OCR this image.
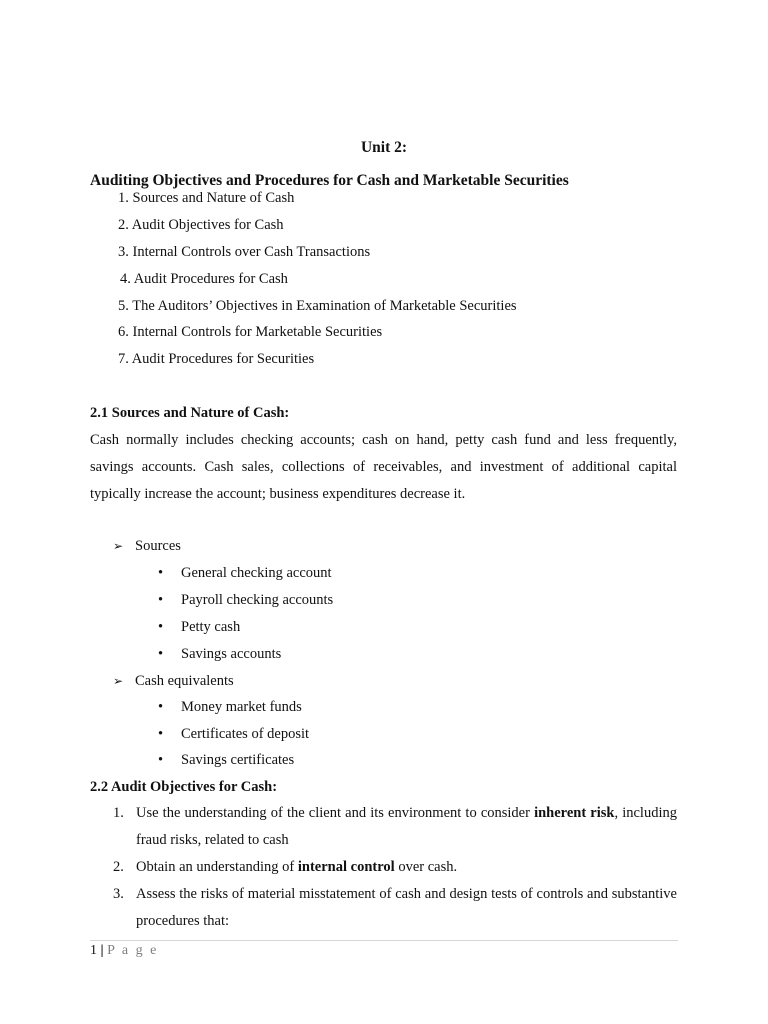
Unit 2:
Auditing Objectives and Procedures for Cash and Marketable Securities
1. Sources and Nature of Cash
2. Audit Objectives for Cash
3. Internal Controls over Cash Transactions
4. Audit Procedures for Cash
5. The Auditors’ Objectives in Examination of Marketable Securities
6. Internal Controls for Marketable Securities
7. Audit Procedures for Securities
2.1 Sources and Nature of Cash:
Cash normally includes checking accounts; cash on hand, petty cash fund and less frequently, savings accounts. Cash sales, collections of receivables, and investment of additional capital typically increase the account; business expenditures decrease it.
➢ Sources
• General checking account
• Payroll checking accounts
• Petty cash
• Savings accounts
➢ Cash equivalents
• Money market funds
• Certificates of deposit
• Savings certificates
2.2 Audit Objectives for Cash:
1. Use the understanding of the client and its environment to consider inherent risk, including fraud risks, related to cash
2. Obtain an understanding of internal control over cash.
3. Assess the risks of material misstatement of cash and design tests of controls and substantive procedures that:
1 | P a g e
